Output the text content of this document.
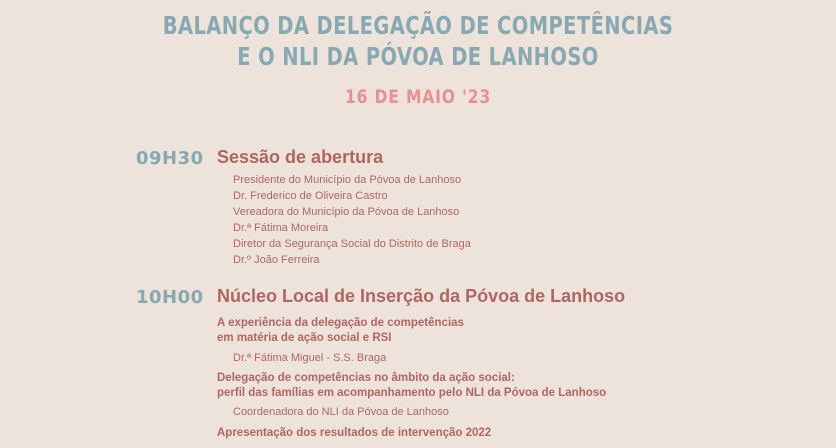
BALANÇO DA DELEGAÇÃO DE COMPETÊNCIAS
E O NLI DA PÓVOA DE LANHOSO
16 DE MAIO '23
09H30 Sessão de abertura
Presidente do Município da Póvoa de Lanhoso
Dr. Frederico de Oliveira Castro
Vereadora do Município da Póvoa de Lanhoso
Dr.ª Fátima Moreira
Diretor da Segurança Social do Distrito de Braga
Dr.º João Ferreira
10H00 Núcleo Local de Inserção da Póvoa de Lanhoso
A experiência da delegação de competências
em matéria de ação social e RSI
Dr.ª Fátima Miguel - S.S. Braga
Delegação de competências no âmbito da ação social:
perfil das famílias em acompanhamento pelo NLI da Póvoa de Lanhoso
Coordenadora do NLI da Póvoa de Lanhoso
Apresentação dos resultados de intervenção 2022
